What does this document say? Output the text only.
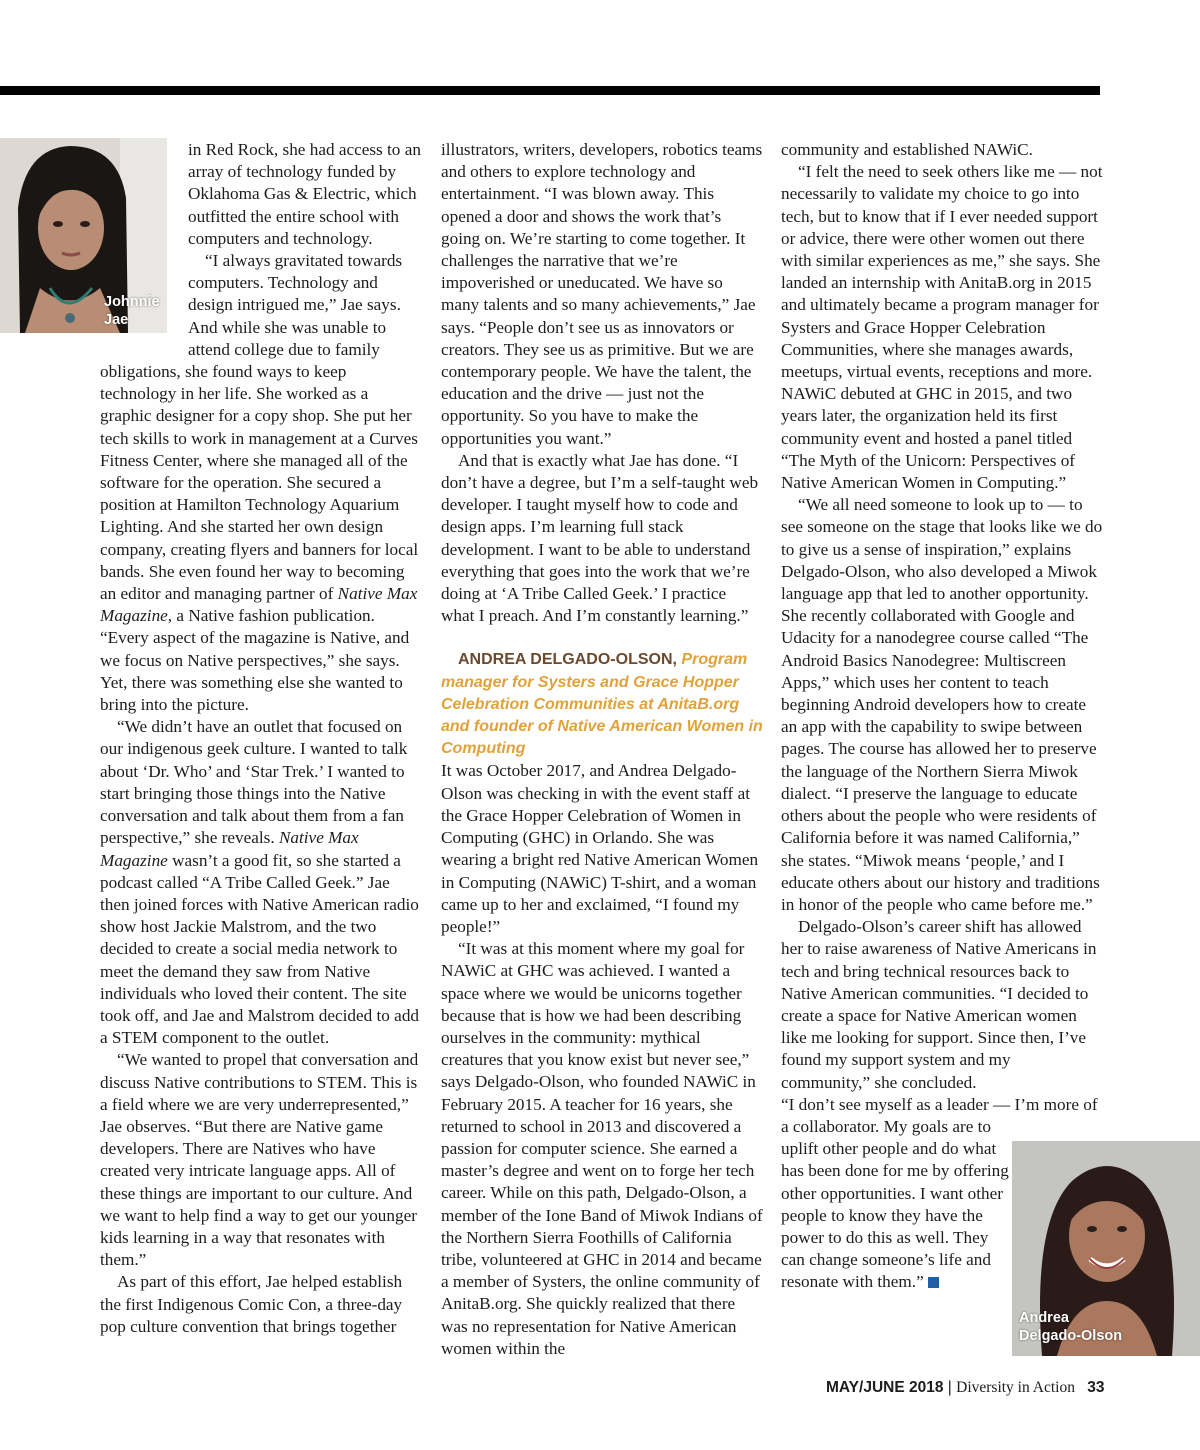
Johnnie
Jae
Andrea
Delgado-Olson

in Red Rock, she had access to an array of technology funded by Oklahoma Gas & Electric, which outfitted the entire school with computers and technology.

“I always gravitated towards computers. Technology and design intrigued me,” Jae says. And while she was unable to attend college due to family obligations, she found ways to keep technology in her life. She worked as a graphic designer for a copy shop. She put her tech skills to work in management at a Curves Fitness Center, where she managed all of the software for the operation. She secured a position at Hamilton Technology Aquarium Lighting. And she started her own design company, creating flyers and banners for local bands. She even found her way to becoming an editor and managing partner of Native Max Magazine, a Native fashion publication. “Every aspect of the magazine is Native, and we focus on Native perspectives,” she says. Yet, there was something else she wanted to bring into the picture.

“We didn’t have an outlet that focused on our indigenous geek culture. I wanted to talk about ‘Dr. Who’ and ‘Star Trek.’ I wanted to start bringing those things into the Native conversation and talk about them from a fan perspective,” she reveals. Native Max Magazine wasn’t a good fit, so she started a podcast called “A Tribe Called Geek.” Jae then joined forces with Native American radio show host Jackie Malstrom, and the two decided to create a social media network to meet the demand they saw from Native individuals who loved their content. The site took off, and Jae and Malstrom decided to add a STEM component to the outlet.

“We wanted to propel that conversation and discuss Native contributions to STEM. This is a field where we are very underrepresented,” Jae observes. “But there are Native game developers. There are Natives who have created very intricate language apps. All of these things are important to our culture. And we want to help find a way to get our younger kids learning in a way that resonates with them.”

As part of this effort, Jae helped establish the first Indigenous Comic Con, a three-day pop culture convention that brings together

illustrators, writers, developers, robotics teams and others to explore technology and entertainment. “I was blown away. This opened a door and shows the work that’s going on. We’re starting to come together. It challenges the narrative that we’re impoverished or uneducated. We have so many talents and so many achievements,” Jae says. “People don’t see us as innovators or creators. They see us as primitive. But we are contemporary people. We have the talent, the education and the drive — just not the opportunity. So you have to make the opportunities you want.”

And that is exactly what Jae has done. “I don’t have a degree, but I’m a self-taught web developer. I taught myself how to code and design apps. I’m learning full stack development. I want to be able to understand everything that goes into the work that we’re doing at ‘A Tribe Called Geek.’ I practice what I preach. And I’m constantly learning.”

ANDREA DELGADO-OLSON, Program manager for Systers and Grace Hopper Celebration Communities at AnitaB.org and founder of Native American Women in Computing

It was October 2017, and Andrea Delgado-Olson was checking in with the event staff at the Grace Hopper Celebration of Women in Computing (GHC) in Orlando. She was wearing a bright red Native American Women in Computing (NAWiC) T-shirt, and a woman came up to her and exclaimed, “I found my people!”

“It was at this moment where my goal for NAWiC at GHC was achieved. I wanted a space where we would be unicorns together because that is how we had been describing ourselves in the community: mythical creatures that you know exist but never see,” says Delgado-Olson, who founded NAWiC in February 2015. A teacher for 16 years, she returned to school in 2013 and discovered a passion for computer science. She earned a master’s degree and went on to forge her tech career. While on this path, Delgado-Olson, a member of the Ione Band of Miwok Indians of the Northern Sierra Foothills of California tribe, volunteered at GHC in 2014 and became a member of Systers, the online community of AnitaB.org. She quickly realized that there was no representation for Native American women within the

community and established NAWiC.

“I felt the need to seek others like me — not necessarily to validate my choice to go into tech, but to know that if I ever needed support or advice, there were other women out there with similar experiences as me,” she says. She landed an internship with AnitaB.org in 2015 and ultimately became a program manager for Systers and Grace Hopper Celebration Communities, where she manages awards, meetups, virtual events, receptions and more. NAWiC debuted at GHC in 2015, and two years later, the organization held its first community event and hosted a panel titled “The Myth of the Unicorn: Perspectives of Native American Women in Computing.”

“We all need someone to look up to — to see someone on the stage that looks like we do to give us a sense of inspiration,” explains Delgado-Olson, who also developed a Miwok language app that led to another opportunity. She recently collaborated with Google and Udacity for a nanodegree course called “The Android Basics Nanodegree: Multiscreen Apps,” which uses her content to teach beginning Android developers how to create an app with the capability to swipe between pages. The course has allowed her to preserve the language of the Northern Sierra Miwok dialect. “I preserve the language to educate others about the people who were residents of California before it was named California,” she states. “Miwok means ‘people,’ and I educate others about our history and traditions in honor of the people who came before me.”

Delgado-Olson’s career shift has allowed her to raise awareness of Native Americans in tech and bring technical resources back to Native American communities. “I decided to create a space for Native American women like me looking for support. Since then, I’ve found my support system and my community,” she concluded.

“I don’t see myself as a leader — I’m more of a collaborator. My goals are to uplift other people and do what has been done for me by offering other opportunities. I want other people to know they have the power to do this as well. They can change someone’s life and resonate with them.”

MAY/JUNE 2018 | Diversity in Action 33
